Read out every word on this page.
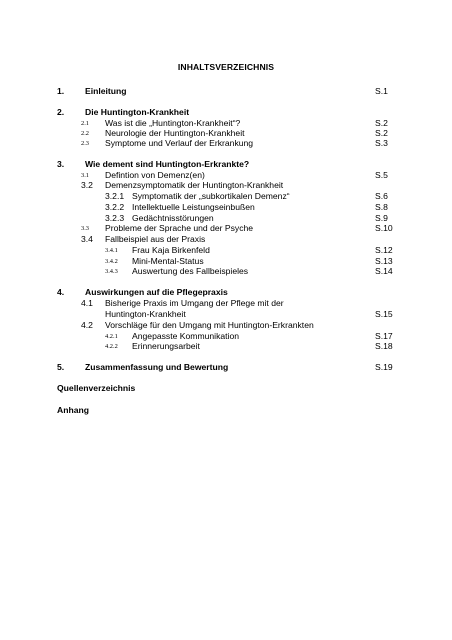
INHALTSVERZEICHNIS
1. Einleitung	S.1
2. Die Huntington-Krankheit
2.1 Was ist die „Huntington-Krankheit“?	S.2
2.2 Neurologie der Huntington-Krankheit	S.2
2.3 Symptome und Verlauf der Erkrankung	S.3
3. Wie dement sind Huntington-Erkrankte?
3.1 Defintion von Demenz(en)	S.5
3.2 Demenzsymptomatik der Huntington-Krankheit
3.2.1 Symptomatik der „subkortikalen Demenz“	S.6
3.2.2 Intellektuelle Leistungseinbußen	S.8
3.2.3 Gedächtnisstörungen	S.9
3.3 Probleme der Sprache und der Psyche	S.10
3.4 Fallbeispiel aus der Praxis
3.4.1 Frau Kaja Birkenfeld	S.12
3.4.2 Mini-Mental-Status	S.13
3.4.3 Auswertung des Fallbeispieles	S.14
4. Auswirkungen auf die Pflegepraxis
4.1 Bisherige Praxis im Umgang der Pflege mit der
Huntington-Krankheit	S.15
4.2 Vorschläge für den Umgang mit Huntington-Erkrankten
4.2.1 Angepasste Kommunikation	S.17
4.2.2 Erinnerungsarbeit	S.18
5. Zusammenfassung und Bewertung	S.19
Quellenverzeichnis
Anhang
